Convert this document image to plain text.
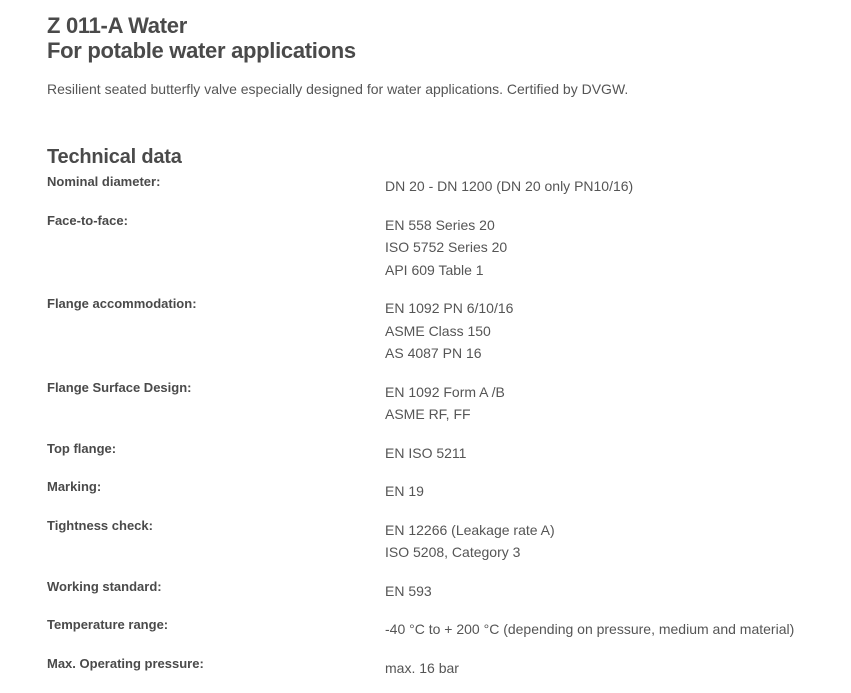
Z 011-A Water
For potable water applications

Resilient seated butterfly valve especially designed for water applications. Certified by DVGW.

Technical data
Nominal diameter:	DN 20 - DN 1200 (DN 20 only PN10/16)
Face-to-face:	EN 558 Series 20
ISO 5752 Series 20
API 609 Table 1
Flange accommodation:	EN 1092 PN 6/10/16
ASME Class 150
AS 4087 PN 16
Flange Surface Design:	EN 1092 Form A /B
ASME RF, FF
Top flange:	EN ISO 5211
Marking:	EN 19
Tightness check:	EN 12266 (Leakage rate A)
ISO 5208, Category 3
Working standard:	EN 593
Temperature range:	-40 °C to + 200 °C (depending on pressure, medium and material)
Max. Operating pressure:	max. 16 bar
